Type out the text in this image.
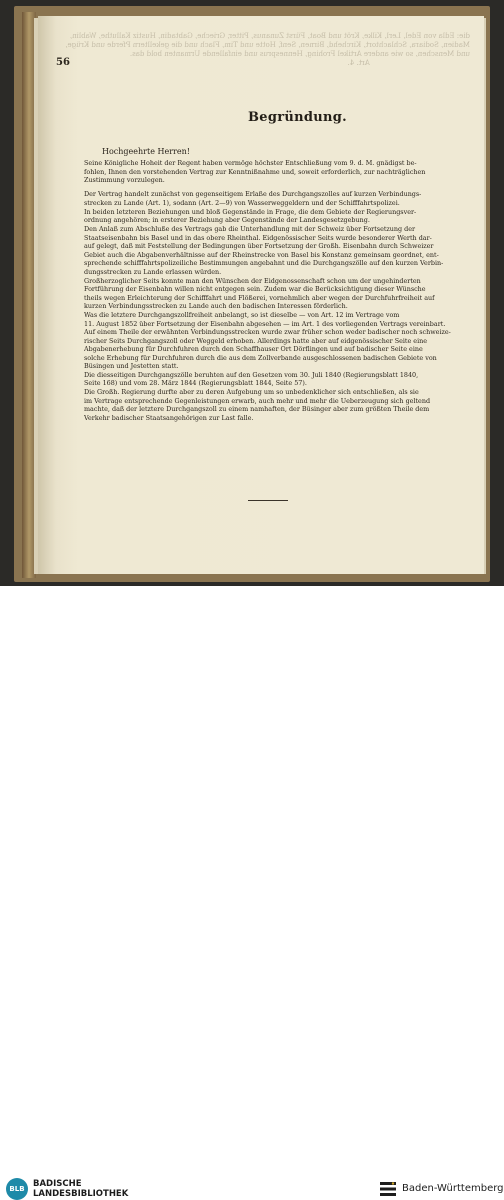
die: Edla von Edel, Lerl, Kilke, Kröt und Boat, Fürst Zunanus, Pitter, Grieche, Gabtadin, Hustiz Kalluthe, Wablin, Madien, Sodiara, Schlachtort, Kirchehd, Birnen, Senf, Hotte und Tim, Flach und die gekelltern Pferde und Krüge, und Menschen, so wie andere Artikel Frohing, Hennesprus und einfallende Urmanten bold das.
Art. 4.
56
Begründung.
Hochgeehrte Herren!
Seine Königliche Hoheit der Regent haben vermöge höchster Entschließung vom 9. d. M. gnädigst be-
fohlen, Ihnen den vorstehenden Vertrag zur Kenntnißnahme und, soweit erforderlich, zur nachträglichen
Zustimmung vorzulegen.
Der Vertrag handelt zunächst von gegenseitigem Erlaße des Durchgangszolles auf kurzen Verbindungs-
strecken zu Lande (Art. 1), sodann (Art. 2—9) von Wasserweggeldern und der Schifffahrtspolizei.
In beiden letzteren Beziehungen und bloß Gegenstände in Frage, die dem Gebiete der Regierungsver-
ordnung angehören; in ersterer Beziehung aber Gegenstände der Landesgesetzgebung.
Den Anlaß zum Abschluße des Vertrags gab die Unterhandlung mit der Schweiz über Fortsetzung der
Staatseisenbahn bis Basel und in das obere Rheinthal. Eidgenössischer Seits wurde besonderer Werth dar-
auf gelegt, daß mit Feststellung der Bedingungen über Fortsetzung der Großh. Eisenbahn durch Schweizer
Gebiet auch die Abgabenverhältnisse auf der Rheinstrecke von Basel bis Konstanz gemeinsam geordnet, ent-
sprechende schifffahrtspolizeiliche Bestimmungen angebahnt und die Durchgangszölle auf den kurzen Verbin-
dungsstrecken zu Lande erlassen würden.
Großherzoglicher Seits konnte man den Wünschen der Eidgenossenschaft schon um der ungehinderten
Fortführung der Eisenbahn willen nicht entgegen sein. Zudem war die Berücksichtigung dieser Wünsche
theils wegen Erleichterung der Schifffahrt und Flößerei, vornehmlich aber wegen der Durchfuhrfreiheit auf
kurzen Verbindungsstrecken zu Lande auch den badischen Interessen förderlich.
Was die letztere Durchgangszollfreiheit anbelangt, so ist dieselbe — von Art. 12 im Vertrage vom
11. August 1852 über Fortsetzung der Eisenbahn abgesehen — im Art. 1 des vorliegenden Vertrags vereinbart.
Auf einem Theile der erwähnten Verbindungsstrecken wurde zwar früher schon weder badischer noch schweize-
rischer Seits Durchgangszoll oder Weggeld erhoben. Allerdings hatte aber auf eidgenössischer Seite eine
Abgabenerhebung für Durchfuhren durch den Schaffhauser Ort Dörflingen und auf badischer Seite eine
solche Erhebung für Durchfuhren durch die aus dem Zollverbande ausgeschlossenen badischen Gebiete von
Büsingen und Jestetten statt.
Die diesseitigen Durchgangszölle beruhten auf den Gesetzen vom 30. Juli 1840 (Regierungsblatt 1840,
Seite 168) und vom 28. März 1844 (Regierungsblatt 1844, Seite 57).
Die Großh. Regierung durfte aber zu deren Aufgebung um so unbedenklicher sich entschließen, als sie
im Vertrage entsprechende Gegenleistungen erwarb, auch mehr und mehr die Ueberzeugung sich geltend
machte, daß der letztere Durchgangszoll zu einem namhaften, der Büsinger aber zum größten Theile dem
Verkehr badischer Staatsangehörigen zur Last falle.
BLB BADISCHE
LANDESBIBLIOTHEK	Baden-Württemberg
